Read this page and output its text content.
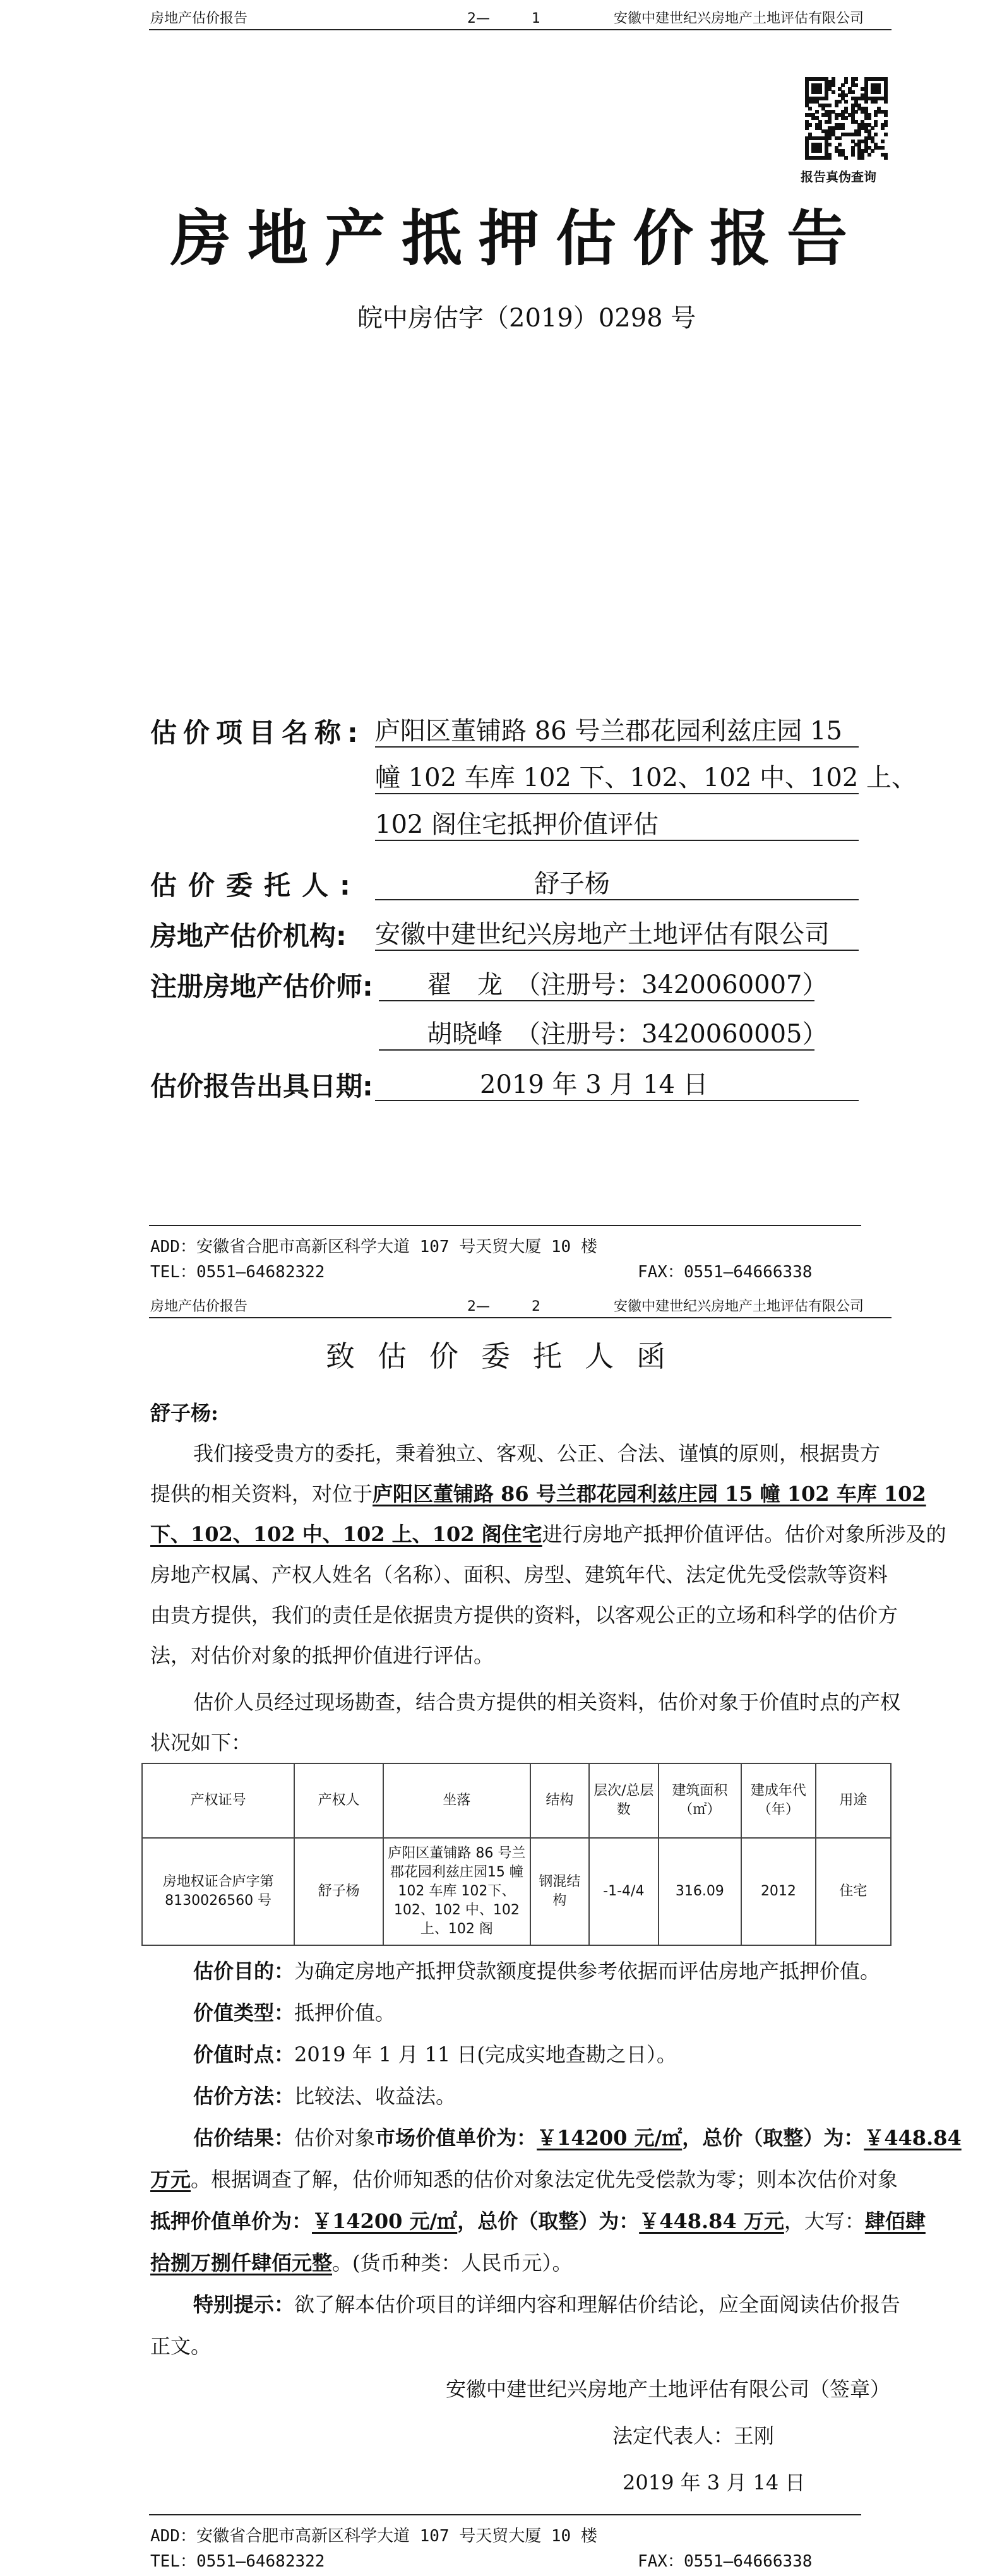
房地产估价报告	2—　　　1	安徽中建世纪兴房地产土地评估有限公司
报告真伪查询
房地产抵押估价报告
皖中房估字（2019）0298 号
估价项目名称: 庐阳区董铺路 86 号兰郡花园利兹庄园 15
幢 102 车库 102 下、102、102 中、102 上、
102 阁住宅抵押价值评估
估价委托人:	舒子杨
房地产估价机构: 安徽中建世纪兴房地产土地评估有限公司
注册房地产估价师: 翟　龙　（注册号：3420060007）
胡晓峰　（注册号：3420060005）
估价报告出具日期:	2019 年 3 月 14 日
ADD：安徽省合肥市高新区科学大道 107 号天贸大厦 10 楼
TEL：0551—64682322	FAX：0551—64666338
房地产估价报告	2—　　　2	安徽中建世纪兴房地产土地评估有限公司
致估价委托人函
舒子杨:
我们接受贵方的委托，秉着独立、客观、公正、合法、谨慎的原则，根据贵方
提供的相关资料，对位于庐阳区董铺路 86 号兰郡花园利兹庄园 15 幢 102 车库 102
下、102、102 中、102 上、102 阁住宅进行房地产抵押价值评估。估价对象所涉及的
房地产权属、产权人姓名（名称）、面积、房型、建筑年代、法定优先受偿款等资料
由贵方提供，我们的责任是依据贵方提供的资料，以客观公正的立场和科学的估价方
法，对估价对象的抵押价值进行评估。
估价人员经过现场勘查，结合贵方提供的相关资料，估价对象于价值时点的产权
状况如下：
产权证号	产权人	坐落	结构	层次/总层数	建筑面积（㎡）	建成年代（年）	用途
房地权证合庐字第8130026560 号	舒子杨	庐阳区董铺路 86 号兰郡花园利兹庄园15 幢 102 车库 102下、102、102 中、102 上、102 阁	钢混结构	-1-4/4	316.09	2012	住宅
估价目的：为确定房地产抵押贷款额度提供参考依据而评估房地产抵押价值。
价值类型：抵押价值。
价值时点：2019 年 1 月 11 日(完成实地查勘之日）。
估价方法：比较法、收益法。
估价结果：估价对象市场价值单价为：￥14200 元/㎡，总价（取整）为：￥448.84
万元。根据调查了解，估价师知悉的估价对象法定优先受偿款为零；则本次估价对象
抵押价值单价为：￥14200 元/㎡，总价（取整）为：￥448.84 万元，大写：肆佰肆
拾捌万捌仟肆佰元整。(货币种类：人民币元）。
特别提示：欲了解本估价项目的详细内容和理解估价结论，应全面阅读估价报告
正文。
安徽中建世纪兴房地产土地评估有限公司（签章）
法定代表人：王刚
2019 年 3 月 14 日
ADD：安徽省合肥市高新区科学大道 107 号天贸大厦 10 楼
TEL：0551—64682322	FAX：0551—64666338
